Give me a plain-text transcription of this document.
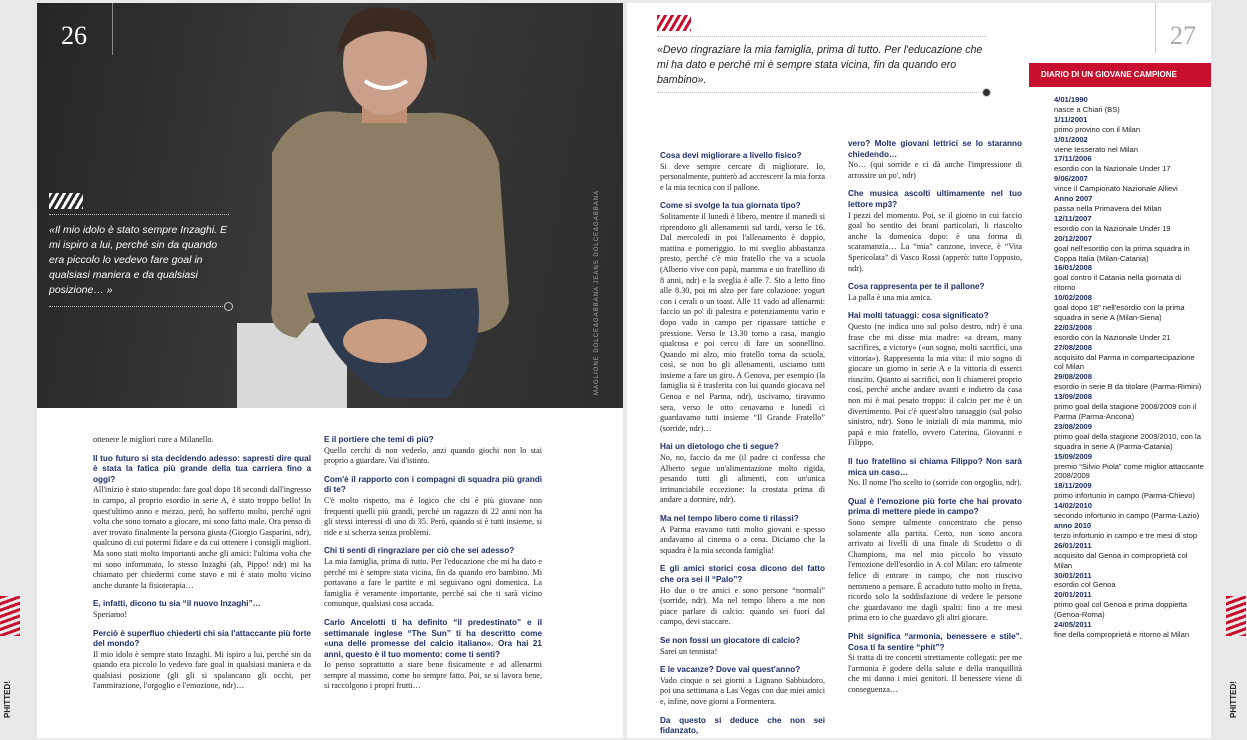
PHITTED!	PHITTED!
26
«Il mio idolo è stato sempre Inzaghi. E mi ispiro a lui, perché sin da quando era piccolo lo vedevo fare goal in qualsiasi maniera e da qualsiasi posizione… »	MAGLIONE DOLCE&GABBANA JEANS DOLCE&GABBANA

ottenere le migliori cure a Milanello.

Il tuo futuro si sta decidendo adesso: sapresti dire qual è stata la fatica più grande della tua carriera fino a oggi?
All'inizio è stato stupendo: fare goal dopo 18 secondi dall'ingresso in campo, al proprio esordio in serie A, è stato troppo bello! In quest'ultimo anno e mezzo, però, ho sofferto molto, perché ogni volta che sono tornato a giocare, mi sono fatto male. Ora penso di aver trovato finalmente la persona giusta (Giorgio Gasparini, ndr), qualcuno di cui potermi fidare e da cui ottenere i consigli migliori. Ma sono stati molto importanti anche gli amici: l'ultima volta che mi sono infortunato, lo stesso Inzaghi (ah, Pippo! ndr) mi ha chiamato per chiedermi come stavo e mi è stato molto vicino anche durante la fisioterapia…

E, infatti, dicono tu sia “il nuovo Inzaghi”…
Speriamo!

Perciò è superfluo chiederti chi sia l'attaccante più forte del mondo?
Il mio idolo è sempre stato Inzaghi. Mi ispiro a lui, perché sin da quando era piccolo lo vedevo fare goal in qualsiasi maniera e da qualsiasi posizione (gli gli si spalancano gli occhi, per l'ammirazione, l'orgoglio e l'emozione, ndr)…

E il portiere che temi di più?
Quello cerchi di non vederlo, anzi quando giochi non lo stai proprio a guardare. Vai d'istinto.

Com'è il rapporto con i compagni di squadra più grandi di te?
C'è molto rispetto, ma è logico che chi è più giovane non frequenti quelli più grandi, perché un ragazzo di 22 anni non ha gli stessi interessi di uno di 35. Però, quando si è tutti insieme, si ride e si scherza senza problemi.

Chi ti senti di ringraziare per ciò che sei adesso?
La mia famiglia, prima di tutto. Per l'educazione che mi ha dato e perché mi è sempre stata vicina, fin da quando ero bambino. Mi portavano a fare le partite e mi seguivano ogni domenica. La famiglia è veramente importante, perché sai che ti sarà vicino comunque, qualsiasi cosa accada.

Carlo Ancelotti ti ha definito “il predestinato” e il settimanale inglese “The Sun” ti ha descritto come «una delle promesse del calcio italiano». Ora hai 21 anni, questo è il tuo momento: come ti senti?
Io penso soprattutto a stare bene fisicamente e ad allenarmi sempre al massimo, come ho sempre fatto. Poi, se si lavora bene, si raccolgono i propri frutti…

«Devo ringraziare la mia famiglia, prima di tutto. Per l'educazione che mi ha dato e perché mi è sempre stata vicina, fin da quando ero bambino».
27
DIARIO DI UN GIOVANE CAMPIONE
4/01/1990
nasce a Chiari (BS)
1/11/2001
primo provino con il Milan
1/01/2002
viene tesserato nel Milan
17/11/2006
esordio con la Nazionale Under 17
9/06/2007
vince il Campionato Nazionale Allievi
Anno 2007
passa nella Primavera del Milan
12/11/2007
esordio con la Nazionale Under 19
20/12/2007
goal nell'esordio con la prima squadra in Coppa Italia (Milan-Catania)
16/01/2008
goal contro il Catania nella giornata di ritorno
10/02/2008
goal dopo 18'' nell'esordio con la prima squadra in serie A (Milan-Siena)
22/03/2008
esordio con la Nazionale Under 21
27/08/2008
acquisito dal Parma in compartecipazione col Milan
29/08/2008
esordio in serie B da titolare (Parma-Rimini)
13/09/2008
primo goal della stagione 2008/2009 con il Parma (Parma-Ancona)
23/08/2009
primo goal della stagione 2009/2010, con la squadra in serie A (Parma-Catania)
15/09/2009
premio “Silvio Piola” come miglior attaccante 2008/2009
18/11/2009
primo infortunio in campo (Parma-Chievo)
14/02/2010
secondo infortunio in campo (Parma-Lazio)
anno 2010
terzo infortunio in campo e tre mesi di stop
26/01/2011
acquisito dal Genoa in comproprietà col Milan
30/01/2011
esordio col Genoa
20/01/2011
primo goal col Genoa e prima doppietta (Genoa-Roma)
24/05/2011
fine della comproprietà e ritorno al Milan

Cosa devi migliorare a livello fisico?
Si deve sempre cercare di migliorare. Io, personalmente, punterò ad accrescere la mia forza e la mia tecnica con il pallone.

Come si svolge la tua giornata tipo?
Solitamente il lunedì è libero, mentre il martedì si riprendono gli allenamenti sul tardi, verso le 16. Dal mercoledì in poi l'allenamento è doppio, mattina e pomeriggio. Io mi sveglio abbastanza presto, perché c'è mio fratello che va a scuola (Alberto vive con papà, mamma e un fratellino di 8 anni, ndr) e la sveglia è alle 7. Sto a letto fino alle 8.30, poi mi alzo per fare colazione: yogurt con i cerali o un toast. Alle 11 vado ad allenarmi: faccio un po' di palestra e potenziamento vario e dopo vado in campo per ripassare tattiche e pressione. Verso le 13.30 torno a casa, mangio qualcosa e poi cerco di fare un sonnellino. Quando mi alzo, mio fratello torna da scuola, così, se non ho gli allenamenti, usciamo tutti insieme a fare un giro. A Genova, per esempio (la famiglia si è trasferita con lui quando giocava nel Genoa e nel Parma, ndr), uscivamo, tiravamo sera, verso le otto cenavamo e lunedì ci guardavamo tutti insieme “Il Grande Fratello” (sorride, ndr)…

Hai un dietologo che ti segue?
No, no, faccio da me (il padre ci confessa che Alberto segue un'alimentazione molto rigida, pesando tutti gli alimenti, con un'unica irrinunciabile eccezione: la crostata prima di andare a dormire, ndr).

Ma nel tempo libero come ti rilassi?
A Parma eravamo tutti molto giovani e spesso andavamo al cinema o a cena. Diciamo che la squadra è la mia seconda famiglia!

E gli amici storici cosa dicono del fatto che ora sei il “Palo”?
Ho due o tre amici e sono persone “normali” (sorride, ndr). Ma nel tempo libero a me non piace parlare di calcio: quando sei fuori dal campo, devi staccare.

Se non fossi un giocatore di calcio?
Sarei un tennista!

E le vacanze? Dove vai quest'anno?
Vado cinque o sei giorni a Lignano Sabbiadoro, poi una settimana a Las Vegas con due miei amici e, infine, nove giorni a Formentera.

Da questo si deduce che non sei fidanzato,

vero? Molte giovani lettrici se lo staranno chiedendo…
No… (qui sorride e ci dà anche l'impressione di arrossire un po', ndr)

Che musica ascolti ultimamente nel tuo lettore mp3?
I pezzi del momento. Poi, se il giorno in cui faccio goal ho sentito dei brani particolari, li riascolto anche la domenica dopo: è una forma di scaramanzia… La “mia” canzone, invece, è “Vita Spericolata” di Vasco Rossi (apperò: tutto l'opposto, ndr).

Cosa rappresenta per te il pallone?
La palla è una mia amica.

Hai molti tatuaggi: cosa significato?
Questo (ne indica uno sul polso destro, ndr) è una frase che mi disse mia madre: «a dream, many sacrifices, a victory» («un sogno, molti sacrifici, una vittoria»). Rappresenta la mia vita: il mio sogno di giocare un giorno in serie A e la vittoria di esserci riuscito. Quanto ai sacrifici, non li chiamerei proprio così, perché anche andare avanti e indietro da casa non mi è mai pesato troppo: il calcio per me è un divertimento. Poi c'è quest'altro tatuaggio (sul polso sinistro, ndr). Sono le iniziali di mia mamma, mio papà e mio fratello, ovvero Caterina, Giovanni e Filippo.

Il tuo fratellino si chiama Filippo? Non sarà mica un caso…
No. Il nome l'ho scelto io (sorride con orgoglio, ndr).

Qual è l'emozione più forte che hai provato prima di mettere piede in campo?
Sono sempre talmente concentrato che penso solamente alla partita. Certo, non sono ancora arrivato ai livelli di una finale di Scudetto o di Champions, ma nel mio piccolo ho vissuto l'emozione dell'esordio in A col Milan: ero talmente felice di entrare in campo, che non riuscivo nemmeno a pensare. È accaduto tutto molto in fretta, ricordo solo la soddisfazione di vedere le persone che guardavano me dagli spalti: fino a tre mesi prima ero io che guardavo gli altri giocare.

Phit significa “armonia, benessere e stile”. Cosa ti fa sentire “phit”?
Si tratta di tre concetti strettamente collegati: per me l'armonia è godere della salute e della tranquillità che mi danno i miei genitori. Il benessere viene di conseguenza…
